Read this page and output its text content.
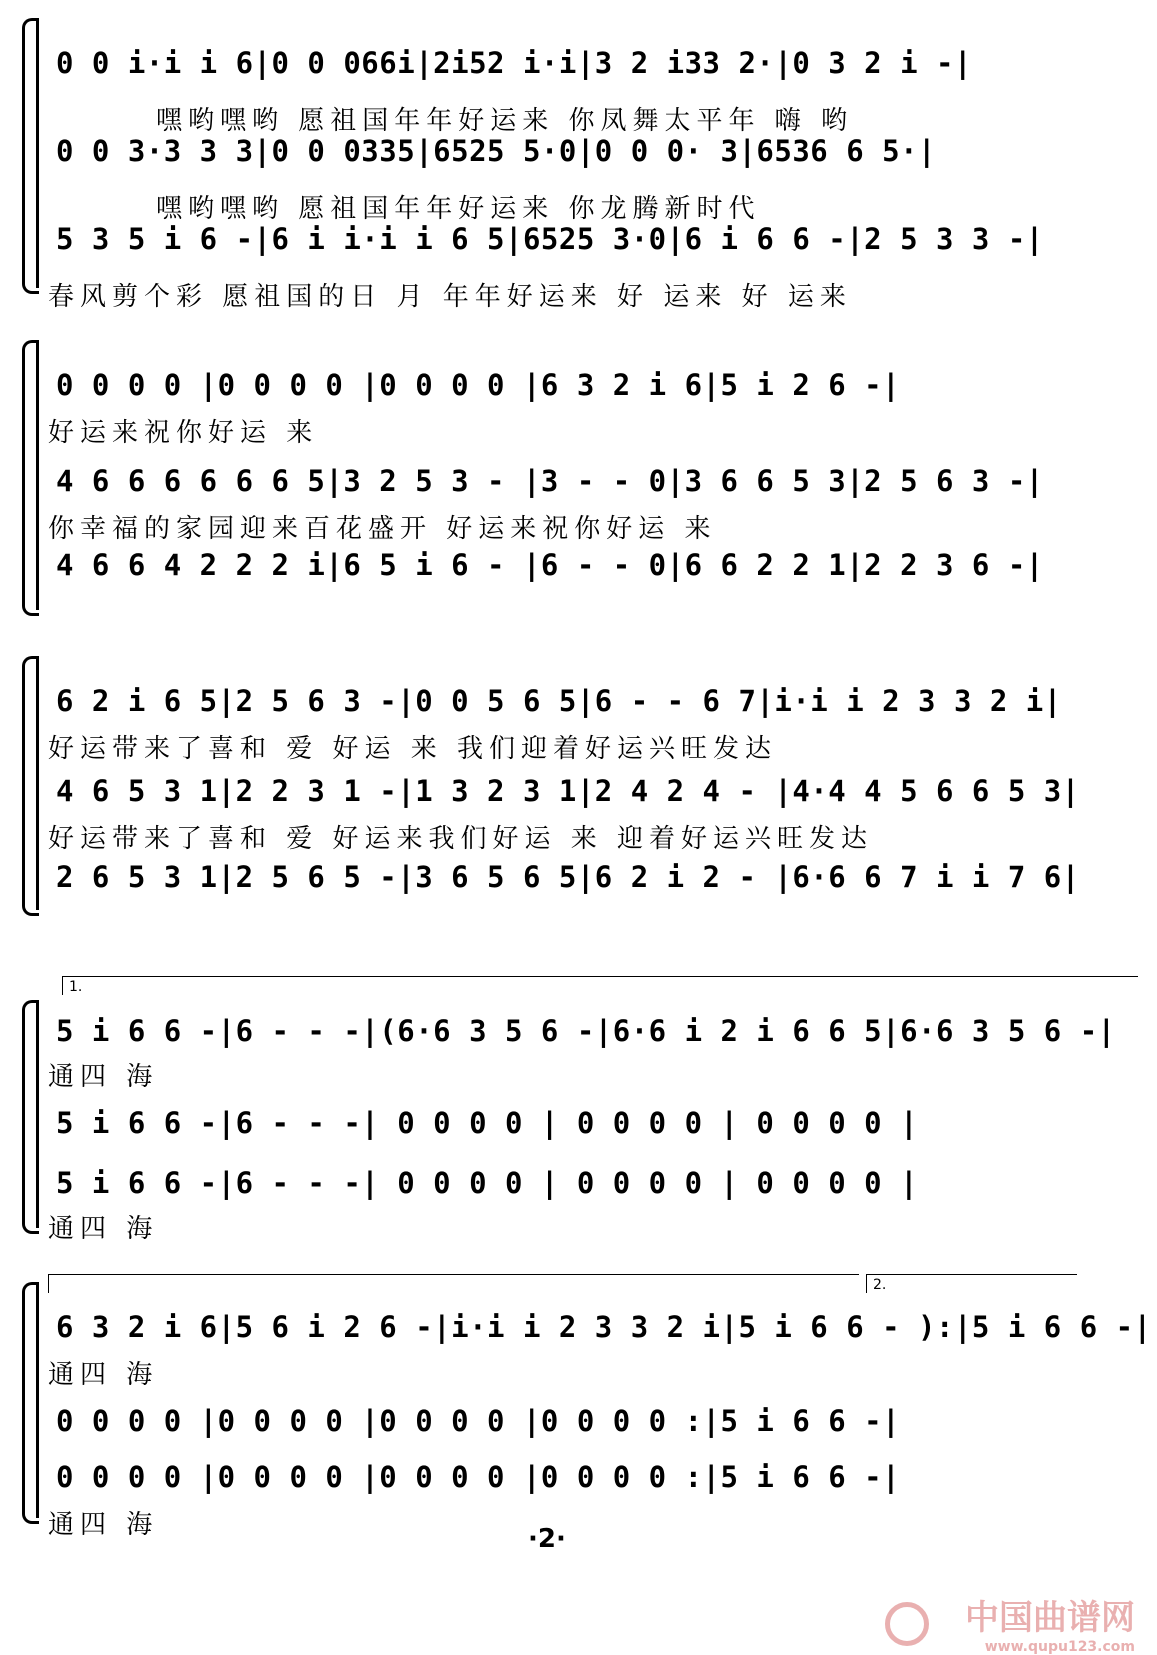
0 0 i·i i 6|0 0 066i|2i52 i·i|3 2 i33 2·|0 3 2 i -|
嘿哟嘿哟 愿祖国年年好运来 你凤舞太平年 嗨 哟
0 0 3·3 3 3|0 0 0335|6525 5·0|0 0 0· 3|6536 6 5·|
嘿哟嘿哟 愿祖国年年好运来 你龙腾新时代
5 3 5 i 6 -|6 i i·i i 6 5|6525 3·0|6 i 6 6 -|2 5 3 3 -|
春风剪个彩 愿祖国的日 月 年年好运来 好 运来 好 运来
0 0 0 0 |0 0 0 0 |0 0 0 0 |6 3 2 i 6|5 i 2 6 -|
好运来祝你好运 来
4 6 6 6 6 6 6 5|3 2 5 3 - |3 - - 0|3 6 6 5 3|2 5 6 3 -|
你幸福的家园迎来百花盛开 好运来祝你好运 来
4 6 6 4 2 2 2 i|6 5 i 6 - |6 - - 0|6 6 2 2 1|2 2 3 6 -|
6 2 i 6 5|2 5 6 3 -|0 0 5 6 5|6 - - 6 7|i·i i 2 3 3 2 i|
好运带来了喜和 爱 好运 来 我们迎着好运兴旺发达
4 6 5 3 1|2 2 3 1 -|1 3 2 3 1|2 4 2 4 - |4·4 4 5 6 6 5 3|
好运带来了喜和 爱 好运来我们好运 来 迎着好运兴旺发达
2 6 5 3 1|2 5 6 5 -|3 6 5 6 5|6 2 i 2 - |6·6 6 7 i i 7 6|
1.
5 i 6 6 -|6 - - -|(6·6 3 5 6 -|6·6 i 2 i 6 6 5|6·6 3 5 6 -|
通四 海
5 i 6 6 -|6 - - -| 0 0 0 0 | 0 0 0 0 | 0 0 0 0 |
5 i 6 6 -|6 - - -| 0 0 0 0 | 0 0 0 0 | 0 0 0 0 |
通四 海
2.
6 3 2 i 6|5 6 i 2 6 -|i·i i 2 3 3 2 i|5 i 6 6 - ):|5 i 6 6 -|
通四 海
0 0 0 0 |0 0 0 0 |0 0 0 0 |0 0 0 0 :|5 i 6 6 -|
0 0 0 0 |0 0 0 0 |0 0 0 0 |0 0 0 0 :|5 i 6 6 -|
通四 海	·2·
中国曲谱网
www.qupu123.com
